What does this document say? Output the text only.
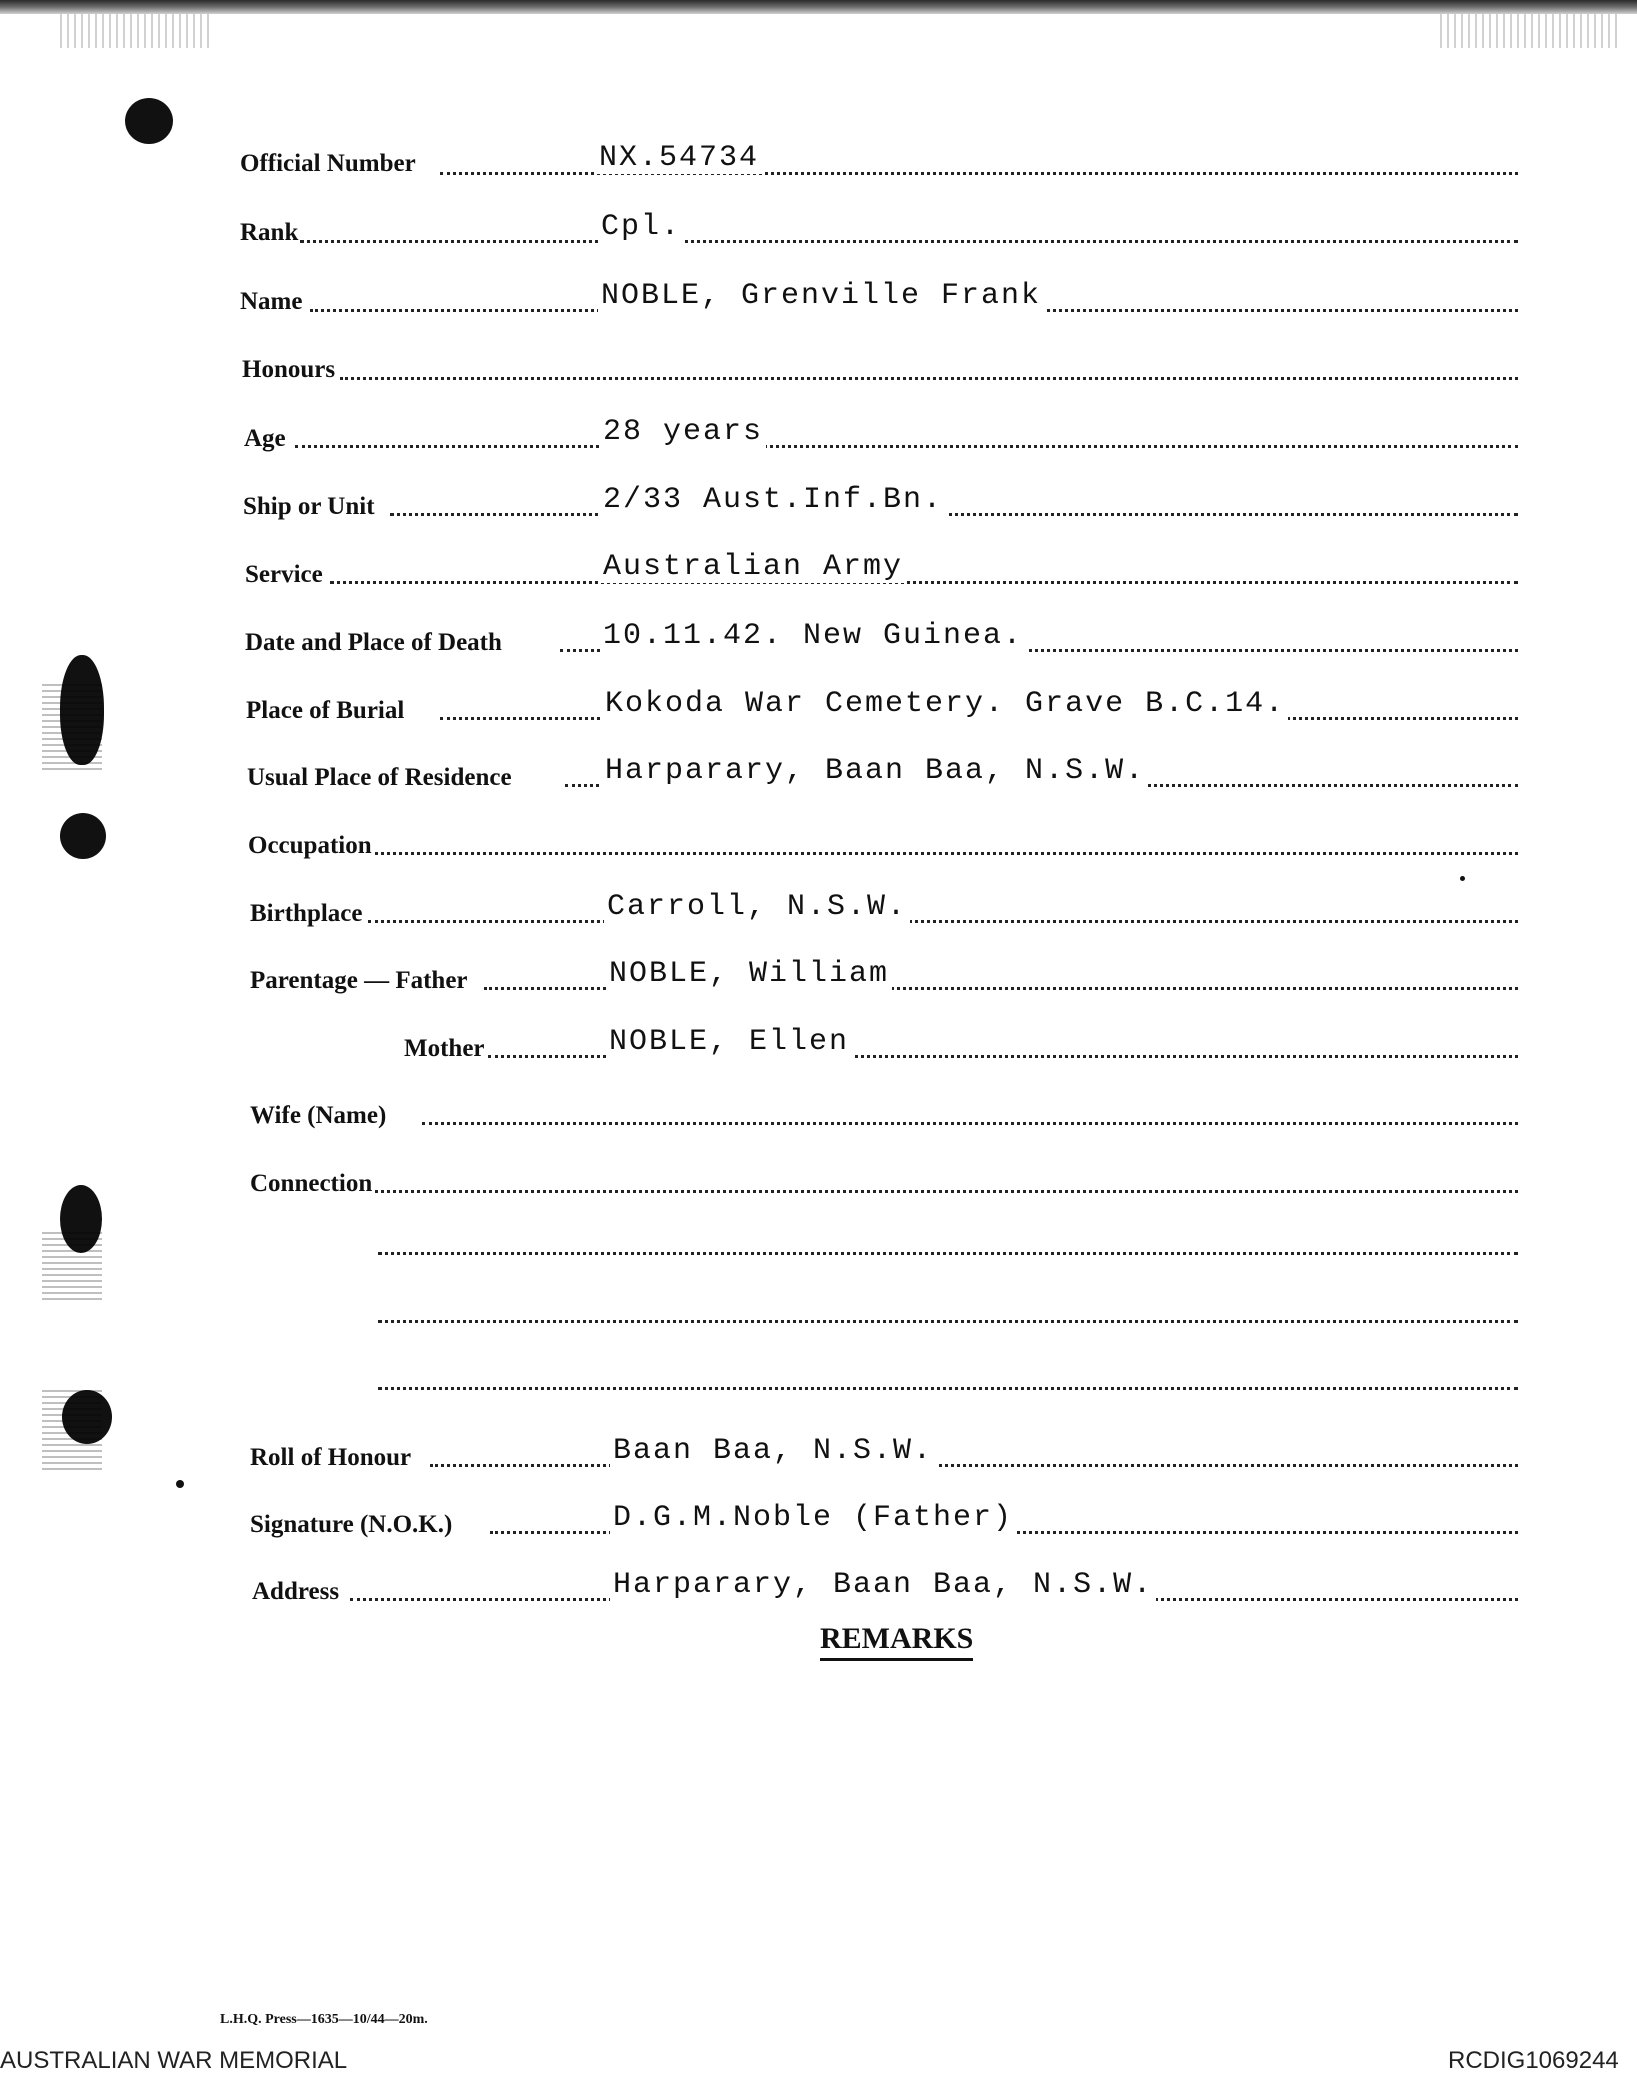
Official Number	NX.54734
Rank	Cpl.
Name	NOBLE, Grenville Frank
Honours
Age	28 years
Ship or Unit	2/33 Aust.Inf.Bn.
Service	Australian Army
Date and Place of Death	10.11.42. New Guinea.
Place of Burial	Kokoda War Cemetery. Grave B.C.14.
Usual Place of Residence	Harparary, Baan Baa, N.S.W.
Occupation
Birthplace	Carroll, N.S.W.
Parentage — Father	NOBLE, William
Mother	NOBLE, Ellen
Wife (Name)
Connection
Roll of Honour	Baan Baa, N.S.W.
Signature (N.O.K.)	D.G.M.Noble (Father)
Address	Harparary, Baan Baa, N.S.W.
REMARKS
L.H.Q. Press—1635—10/44—20m.
AUSTRALIAN WAR MEMORIAL	RCDIG1069244
